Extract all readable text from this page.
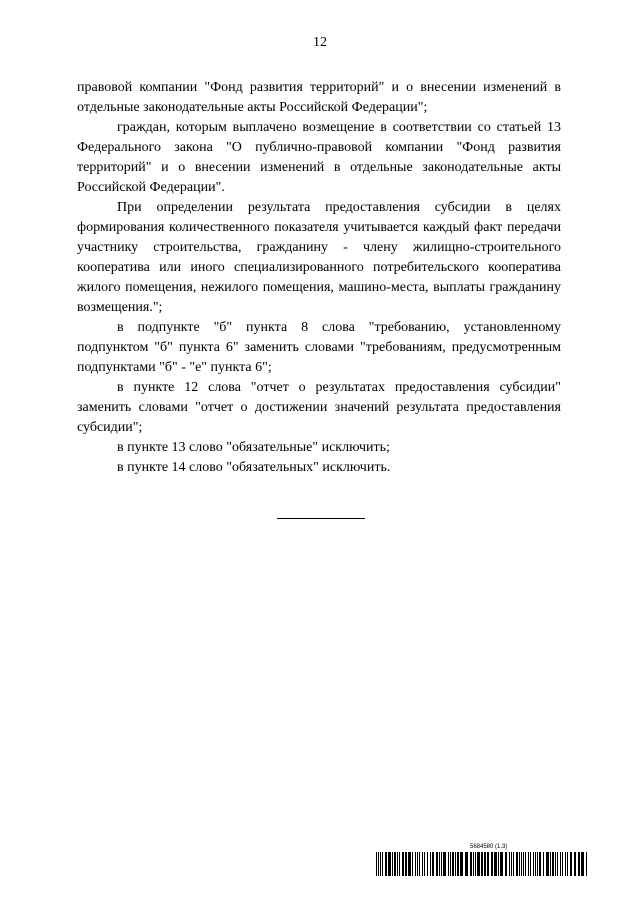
12

правовой компании "Фонд развития территорий" и о внесении изменений в отдельные законодательные акты Российской Федерации";

граждан, которым выплачено возмещение в соответствии со статьей 13 Федерального закона "О публично-правовой компании "Фонд развития территорий" и о внесении изменений в отдельные законодательные акты Российской Федерации".

При определении результата предоставления субсидии в целях формирования количественного показателя учитывается каждый факт передачи участнику строительства, гражданину - члену жилищно-строительного кооператива или иного специализированного потребительского кооператива жилого помещения, нежилого помещения, машино-места, выплаты гражданину возмещения.";

в подпункте "б" пункта 8 слова "требованию, установленному подпунктом "б" пункта 6" заменить словами "требованиям, предусмотренным подпунктами "б" - "е" пункта 6";

в пункте 12 слова "отчет о результатах предоставления субсидии" заменить словами "отчет о достижении значений результата предоставления субсидии";

в пункте 13 слово "обязательные" исключить;

в пункте 14 слово "обязательных" исключить.

5684580 (1.3)
